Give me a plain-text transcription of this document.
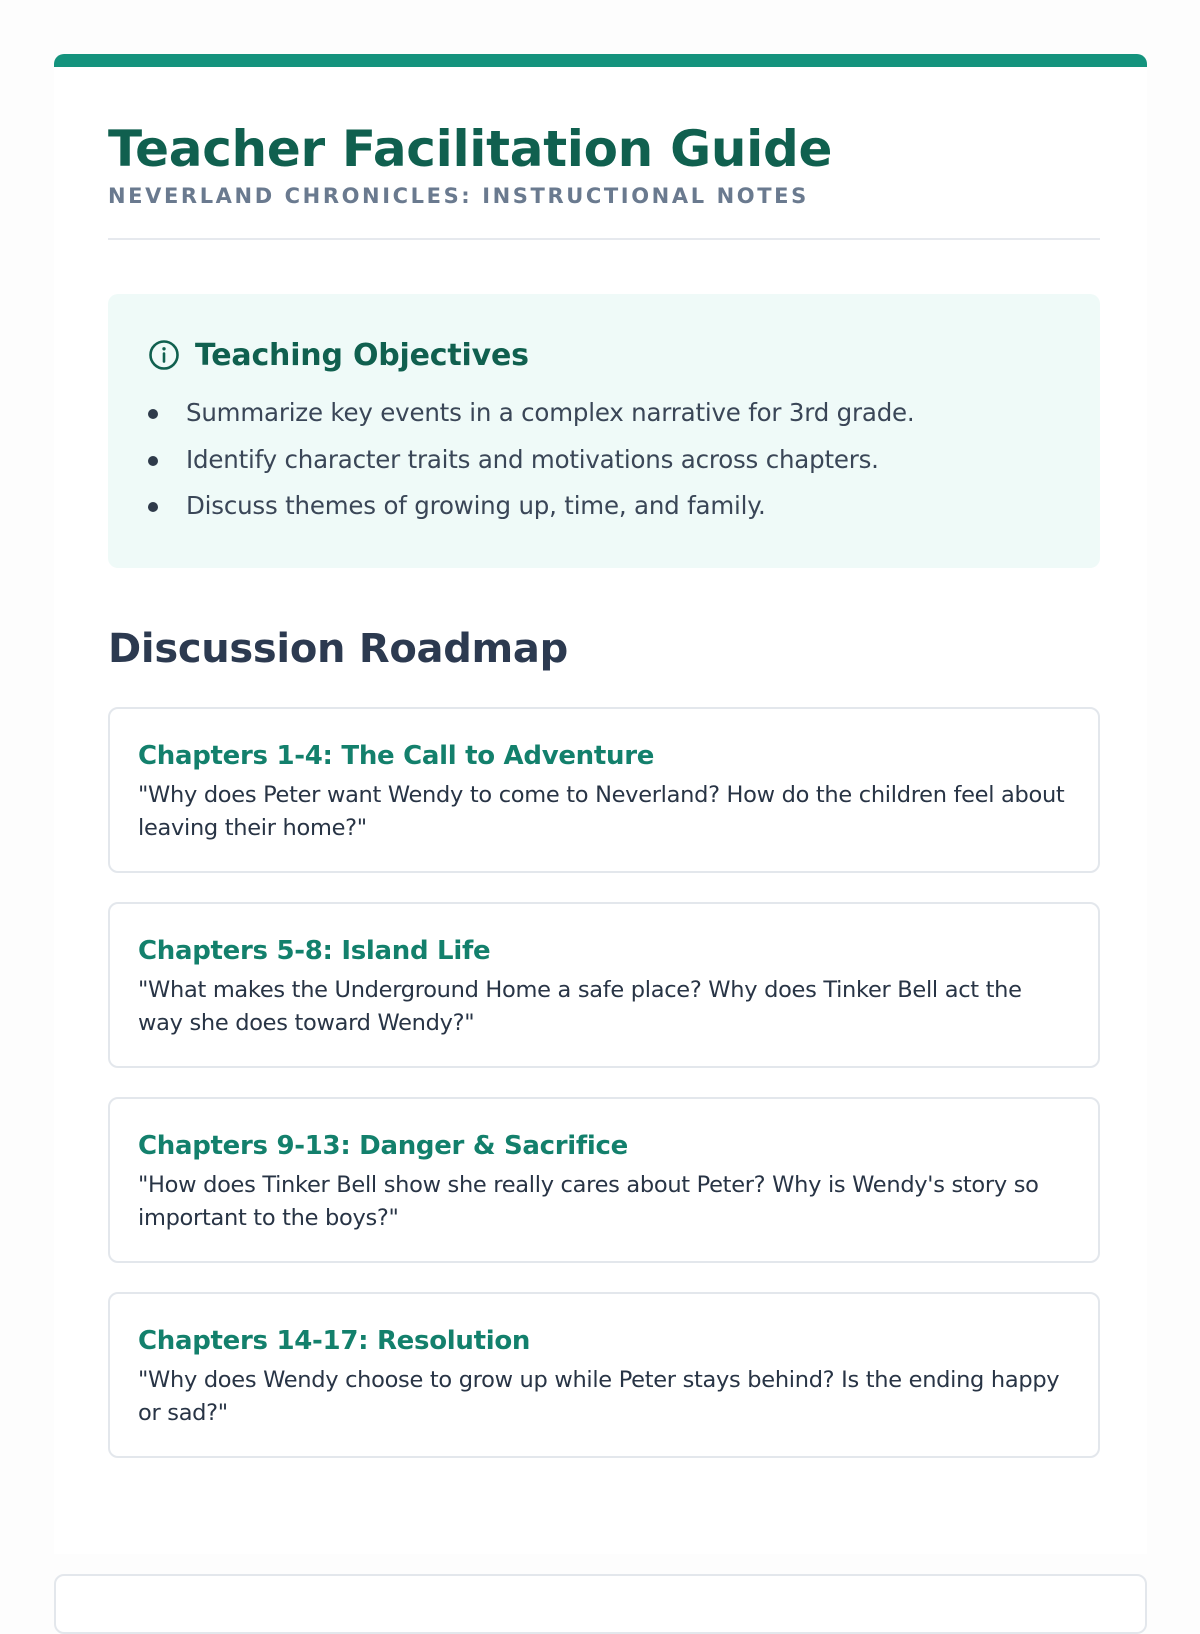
Teacher Facilitation Guide
NEVERLAND CHRONICLES: INSTRUCTIONAL NOTES
Teaching Objectives
Summarize key events in a complex narrative for 3rd grade.
Identify character traits and motivations across chapters.
Discuss themes of growing up, time, and family.
Discussion Roadmap
Chapters 1-4: The Call to Adventure
"Why does Peter want Wendy to come to Neverland? How do the children feel about leaving their home?"
Chapters 5-8: Island Life
"What makes the Underground Home a safe place? Why does Tinker Bell act the way she does toward Wendy?"
Chapters 9-13: Danger & Sacrifice
"How does Tinker Bell show she really cares about Peter? Why is Wendy's story so important to the boys?"
Chapters 14-17: Resolution
"Why does Wendy choose to grow up while Peter stays behind? Is the ending happy or sad?"
